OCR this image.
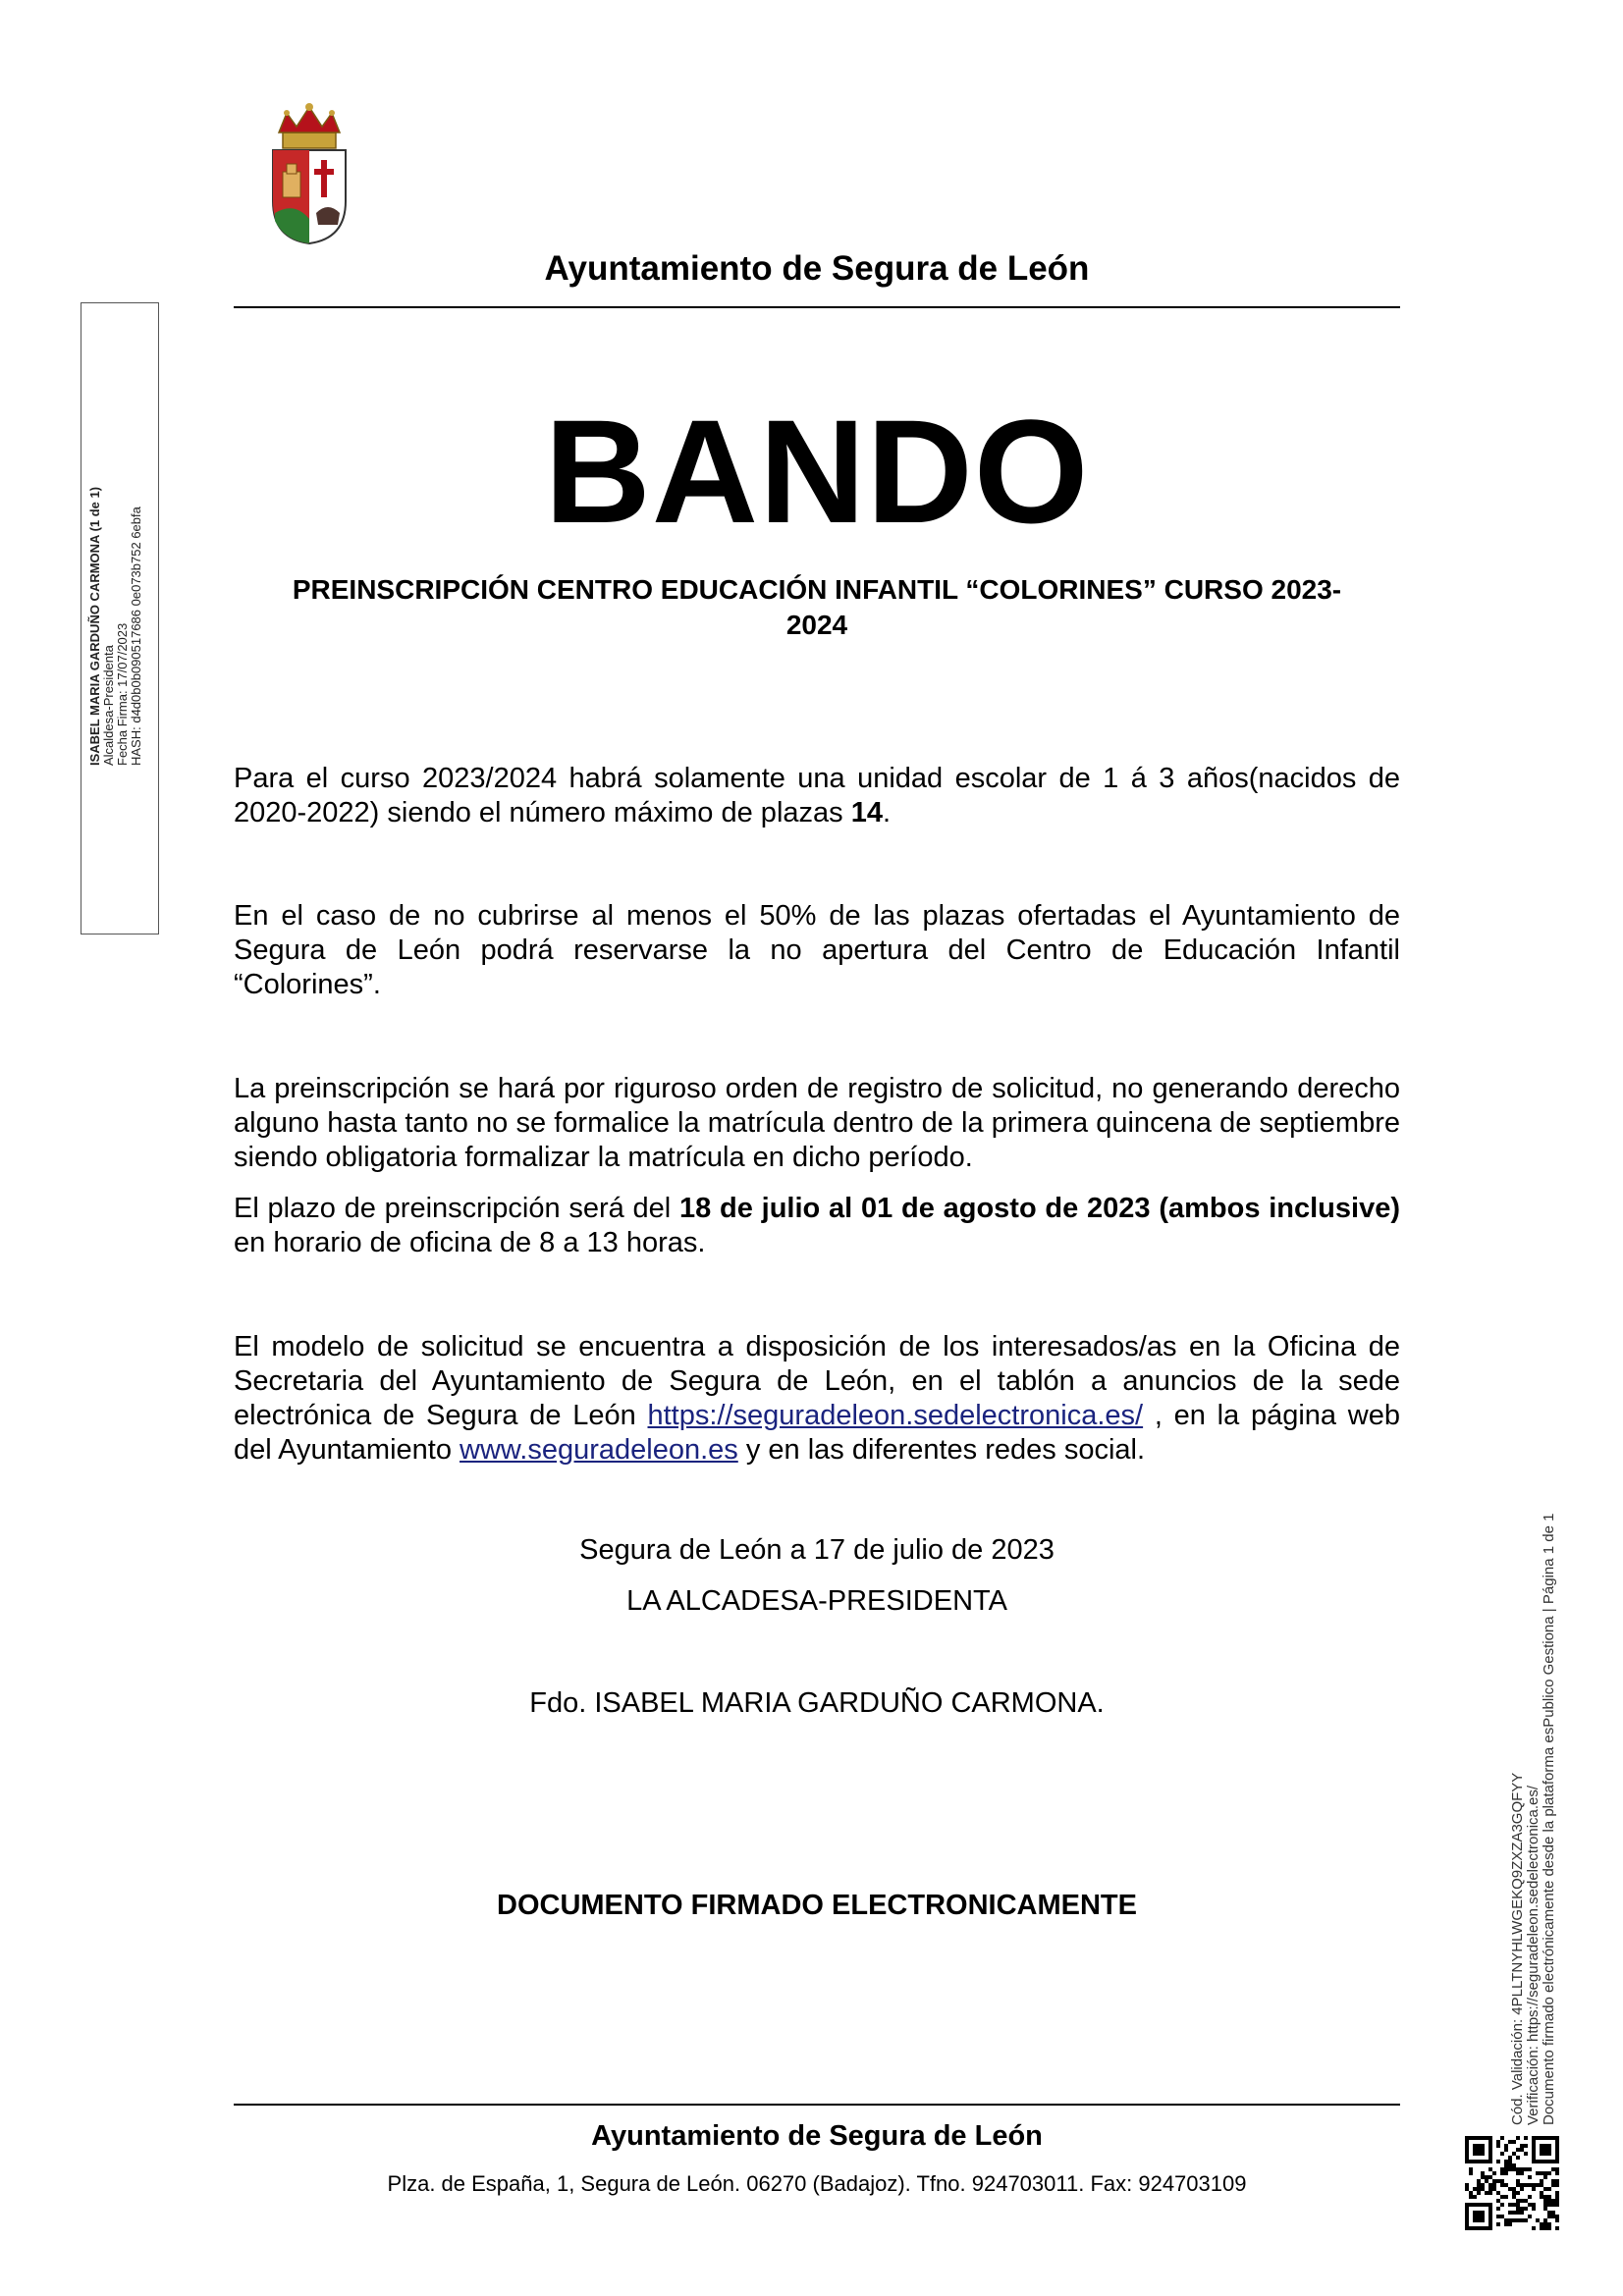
Ayuntamiento de Segura de León
BANDO
PREINSCRIPCIÓN CENTRO EDUCACIÓN INFANTIL “COLORINES” CURSO 2023-
2024
Para el curso 2023/2024 habrá solamente una unidad escolar de 1 á 3 años(nacidos de 2020-2022) siendo el número máximo de plazas 14.
En el caso de no cubrirse al menos el 50% de las plazas ofertadas el Ayuntamiento de Segura de León podrá reservarse la no apertura del Centro de Educación Infantil “Colorines”.
La preinscripción se hará por riguroso orden de registro de solicitud, no generando derecho alguno hasta tanto no se formalice la matrícula dentro de la primera quincena de septiembre siendo obligatoria formalizar la matrícula en dicho período.
El plazo de preinscripción será del 18 de julio al 01 de agosto de 2023 (ambos inclusive) en horario de oficina de 8 a 13 horas.
El modelo de solicitud se encuentra a disposición de los interesados/as en la Oficina de Secretaria del Ayuntamiento de Segura de León, en el tablón a anuncios de la sede electrónica de Segura de León https://seguradeleon.sedelectronica.es/ , en la página web del Ayuntamiento www.seguradeleon.es y en las diferentes redes social.
Segura de León a 17 de julio de 2023
LA ALCADESA-PRESIDENTA
Fdo. ISABEL MARIA GARDUÑO CARMONA.
DOCUMENTO FIRMADO ELECTRONICAMENTE
Ayuntamiento de Segura de León
Plza. de España, 1, Segura de León. 06270 (Badajoz). Tfno. 924703011. Fax: 924703109
ISABEL MARIA GARDUÑO CARMONA (1 de 1) Alcaldesa-Presidenta Fecha Firma: 17/07/2023 HASH: d4d0b0b090517686 0e073b752 6ebfa
Cód. Validación: 4PLLTNYHLWGEKQ9ZXZA3GQFYY Verificación: https://seguradeleon.sedelectronica.es/ Documento firmado electrónicamente desde la plataforma esPublico Gestiona | Página 1 de 1
